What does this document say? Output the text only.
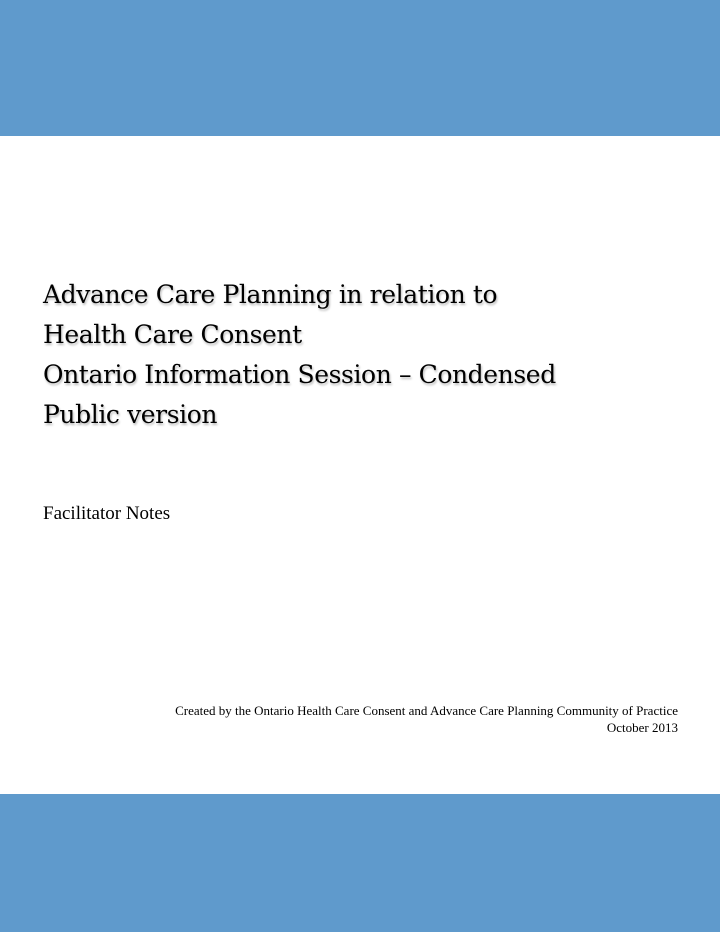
Advance Care Planning in relation to
Health Care Consent
Ontario Information Session – Condensed
Public version
Facilitator Notes
Created by the Ontario Health Care Consent and Advance Care Planning Community of Practice
October 2013
